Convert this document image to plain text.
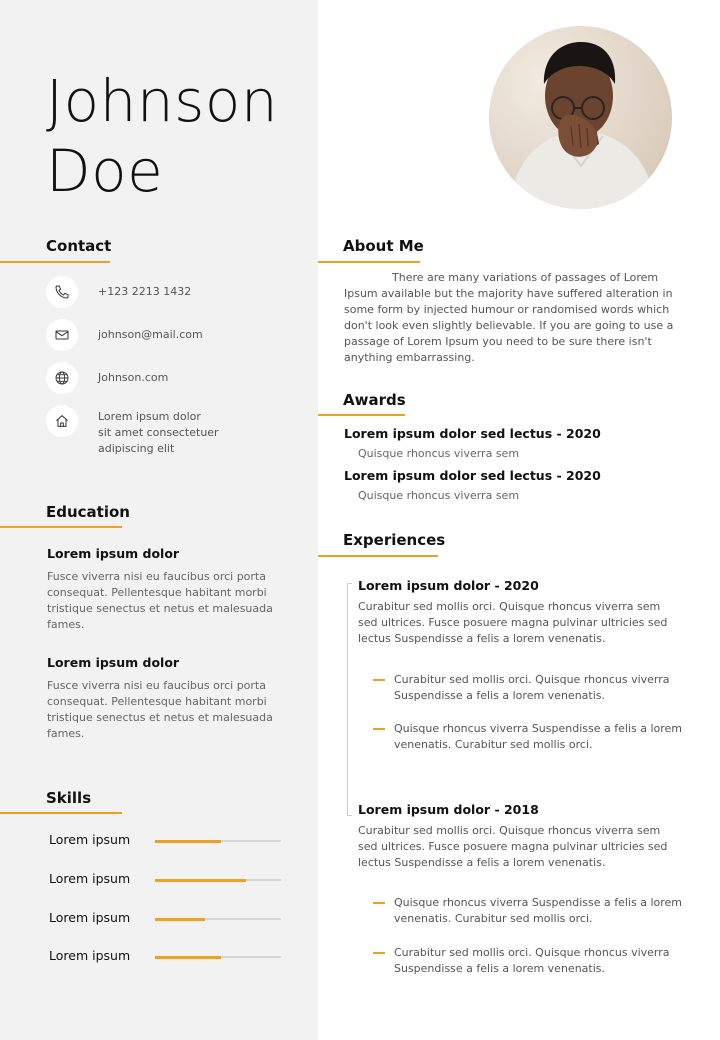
Johnson
Doe
Contact
+123 2213 1432
johnson@mail.com
Johnson.com
Lorem ipsum dolor
sit amet consectetuer
adipiscing elit
Education
Lorem ipsum dolor
Fusce viverra nisi eu faucibus orci porta consequat. Pellentesque habitant morbi tristique senectus et netus et malesuada fames.
Lorem ipsum dolor
Fusce viverra nisi eu faucibus orci porta consequat. Pellentesque habitant morbi tristique senectus et netus et malesuada fames.
Skills
Lorem ipsum
Lorem ipsum
Lorem ipsum
Lorem ipsum
About Me
There are many variations of passages of Lorem Ipsum available but the majority have suffered alteration in some form by injected humour or randomised words which don't look even slightly believable. If you are going to use a passage of Lorem Ipsum you need to be sure there isn't anything embarrassing.
Awards
Lorem ipsum dolor sed lectus - 2020
Quisque rhoncus viverra sem
Lorem ipsum dolor sed lectus - 2020
Quisque rhoncus viverra sem
Experiences
Lorem ipsum dolor - 2020
Curabitur sed mollis orci. Quisque rhoncus viverra sem sed ultrices. Fusce posuere magna pulvinar ultricies sed lectus Suspendisse a felis a lorem venenatis.
Curabitur sed mollis orci. Quisque rhoncus viverra Suspendisse a felis a lorem venenatis.
Quisque rhoncus viverra Suspendisse a felis a lorem venenatis. Curabitur sed mollis orci.
Lorem ipsum dolor - 2018
Curabitur sed mollis orci. Quisque rhoncus viverra sem sed ultrices. Fusce posuere magna pulvinar ultricies sed lectus Suspendisse a felis a lorem venenatis.
Quisque rhoncus viverra Suspendisse a felis a lorem venenatis. Curabitur sed mollis orci.
Curabitur sed mollis orci. Quisque rhoncus viverra Suspendisse a felis a lorem venenatis.
